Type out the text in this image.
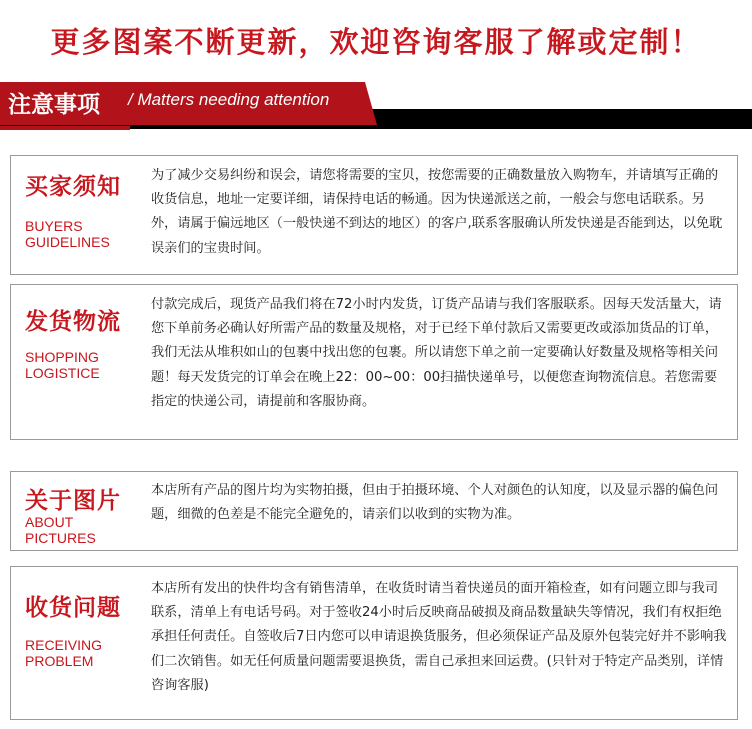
更多图案不断更新，欢迎咨询客服了解或定制！
注意事项 / Matters needing attention
买家须知
BUYERS
GUIDELINES
为了减少交易纠纷和误会，请您将需要的宝贝，按您需要的正确数量放入购物车，并请填写正确的收货信息，地址一定要详细，请保持电话的畅通。因为快递派送之前，一般会与您电话联系。另外，请属于偏远地区（一般快递不到达的地区）的客户,联系客服确认所发快递是否能到达，以免耽误亲们的宝贵时间。
发货物流
SHOPPING
LOGISTICE
付款完成后，现货产品我们将在72小时内发货，订货产品请与我们客服联系。因每天发活量大，请您下单前务必确认好所需产品的数量及规格，对于已经下单付款后又需要更改或添加货品的订单，我们无法从堆积如山的包裹中找出您的包裹。所以请您下单之前一定要确认好数量及规格等相关问题！每天发货完的订单会在晚上22：00~00：00扫描快递单号，以便您查询物流信息。若您需要指定的快递公司，请提前和客服协商。
关于图片
ABOUT
PICTURES
本店所有产品的图片均为实物拍摄，但由于拍摄环境、个人对颜色的认知度，以及显示器的偏色问题，细微的色差是不能完全避免的，请亲们以收到的实物为准。
收货问题
RECEIVING
PROBLEM
本店所有发出的快件均含有销售清单，在收货时请当着快递员的面开箱检查，如有问题立即与我司联系，清单上有电话号码。对于签收24小时后反映商品破损及商品数量缺失等情况，我们有权拒绝承担任何责任。自签收后7日内您可以申请退换货服务，但必须保证产品及原外包装完好并不影响我们二次销售。如无任何质量问题需要退换货，需自己承担来回运费。(只针对于特定产品类别，详情咨询客服)
